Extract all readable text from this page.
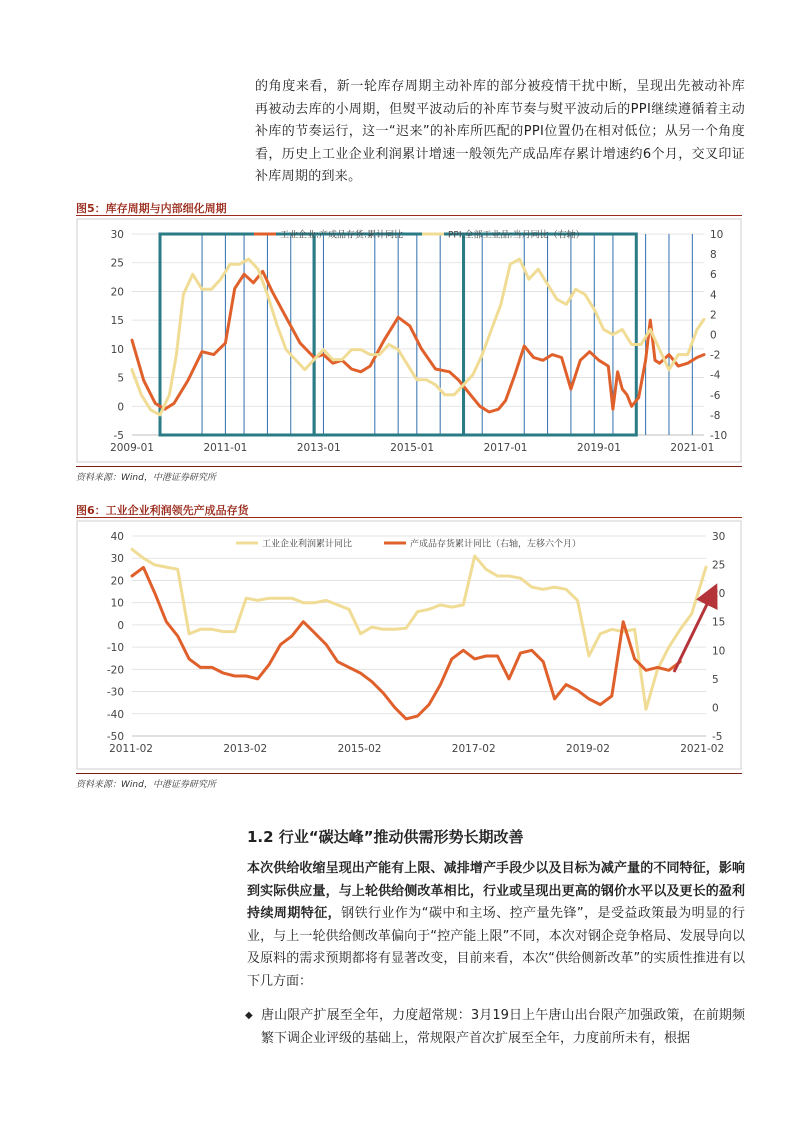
的角度来看，新一轮库存周期主动补库的部分被疫情干扰中断，呈现出先被动补库再被动去库的小周期，但熨平波动后的补库节奏与熨平波动后的PPI继续遵循着主动补库的节奏运行，这一“迟来”的补库所匹配的PPI位置仍在相对低位；从另一个角度看，历史上工业企业利润累计增速一般领先产成品库存累计增速约6个月，交叉印证补库周期的到来。
图5：库存周期与内部细化周期
30
25
20
15
10
5
0
-5
10
8
6
4
2
0
-2
-4
-6
-8
-10
2009-01	2011-01	2013-01	2015-01	2017-01	2019-01	2021-01
工业企业:产成品存货:累计同比	PPI:全部工业品:当月同比（右轴）
资料来源：Wind，中港证券研究所
图6：工业企业利润领先产成品存货
40
30
20
10
0
-10
-20
-30
-40
-50
30
25
20
15
10
5
0
-5
2011-02	2013-02	2015-02	2017-02	2019-02	2021-02
工业企业利润累计同比	产成品存货累计同比（右轴，左移六个月）
资料来源：Wind，中港证券研究所
1.2 行业“碳达峰”推动供需形势长期改善
本次供给收缩呈现出产能有上限、减排增产手段少以及目标为减产量的不同特征，影响到实际供应量，与上轮供给侧改革相比，行业或呈现出更高的钢价水平以及更长的盈利持续周期特征，钢铁行业作为“碳中和主场、控产量先锋”，是受益政策最为明显的行业，与上一轮供给侧改革偏向于“控产能上限”不同，本次对钢企竞争格局、发展导向以及原料的需求预期都将有显著改变，目前来看，本次“供给侧新改革”的实质性推进有以下几方面：
◆ 唐山限产扩展至全年，力度超常规：3月19日上午唐山出台限产加强政策，在前期频繁下调企业评级的基础上，常规限产首次扩展至全年，力度前所未有，根据
